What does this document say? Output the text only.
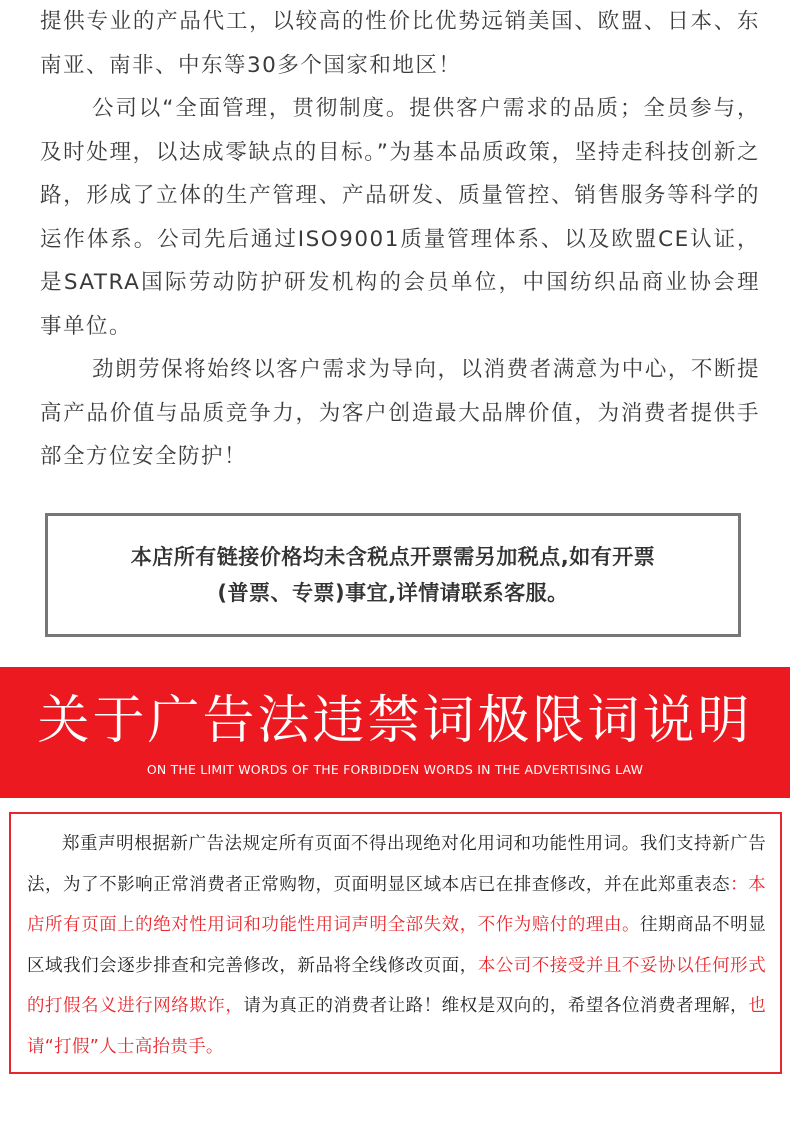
提供专业的产品代工，以较高的性价比优势远销美国、欧盟、日本、东南亚、南非、中东等30多个国家和地区！

公司以“全面管理，贯彻制度。提供客户需求的品质；全员参与，及时处理，以达成零缺点的目标。”为基本品质政策，坚持走科技创新之路，形成了立体的生产管理、产品研发、质量管控、销售服务等科学的运作体系。公司先后通过ISO9001质量管理体系、以及欧盟CE认证，是SATRA国际劳动防护研发机构的会员单位，中国纺织品商业协会理事单位。

劲朗劳保将始终以客户需求为导向，以消费者满意为中心，不断提高产品价值与品质竞争力，为客户创造最大品牌价值，为消费者提供手部全方位安全防护！

本店所有链接价格均未含税点开票需另加税点,如有开票
(普票、专票)事宜,详情请联系客服。

关于广告法违禁词极限词说明
ON THE LIMIT WORDS OF THE FORBIDDEN WORDS IN THE ADVERTISING LAW

郑重声明根据新广告法规定所有页面不得出现绝对化用词和功能性用词。我们支持新广告法，为了不影响正常消费者正常购物，页面明显区域本店已在排查修改，并在此郑重表态：本店所有页面上的绝对性用词和功能性用词声明全部失效，不作为赔付的理由。往期商品不明显区域我们会逐步排查和完善修改，新品将全线修改页面，本公司不接受并且不妥协以任何形式的打假名义进行网络欺诈，请为真正的消费者让路！维权是双向的，希望各位消费者理解，也请“打假”人士高抬贵手。
